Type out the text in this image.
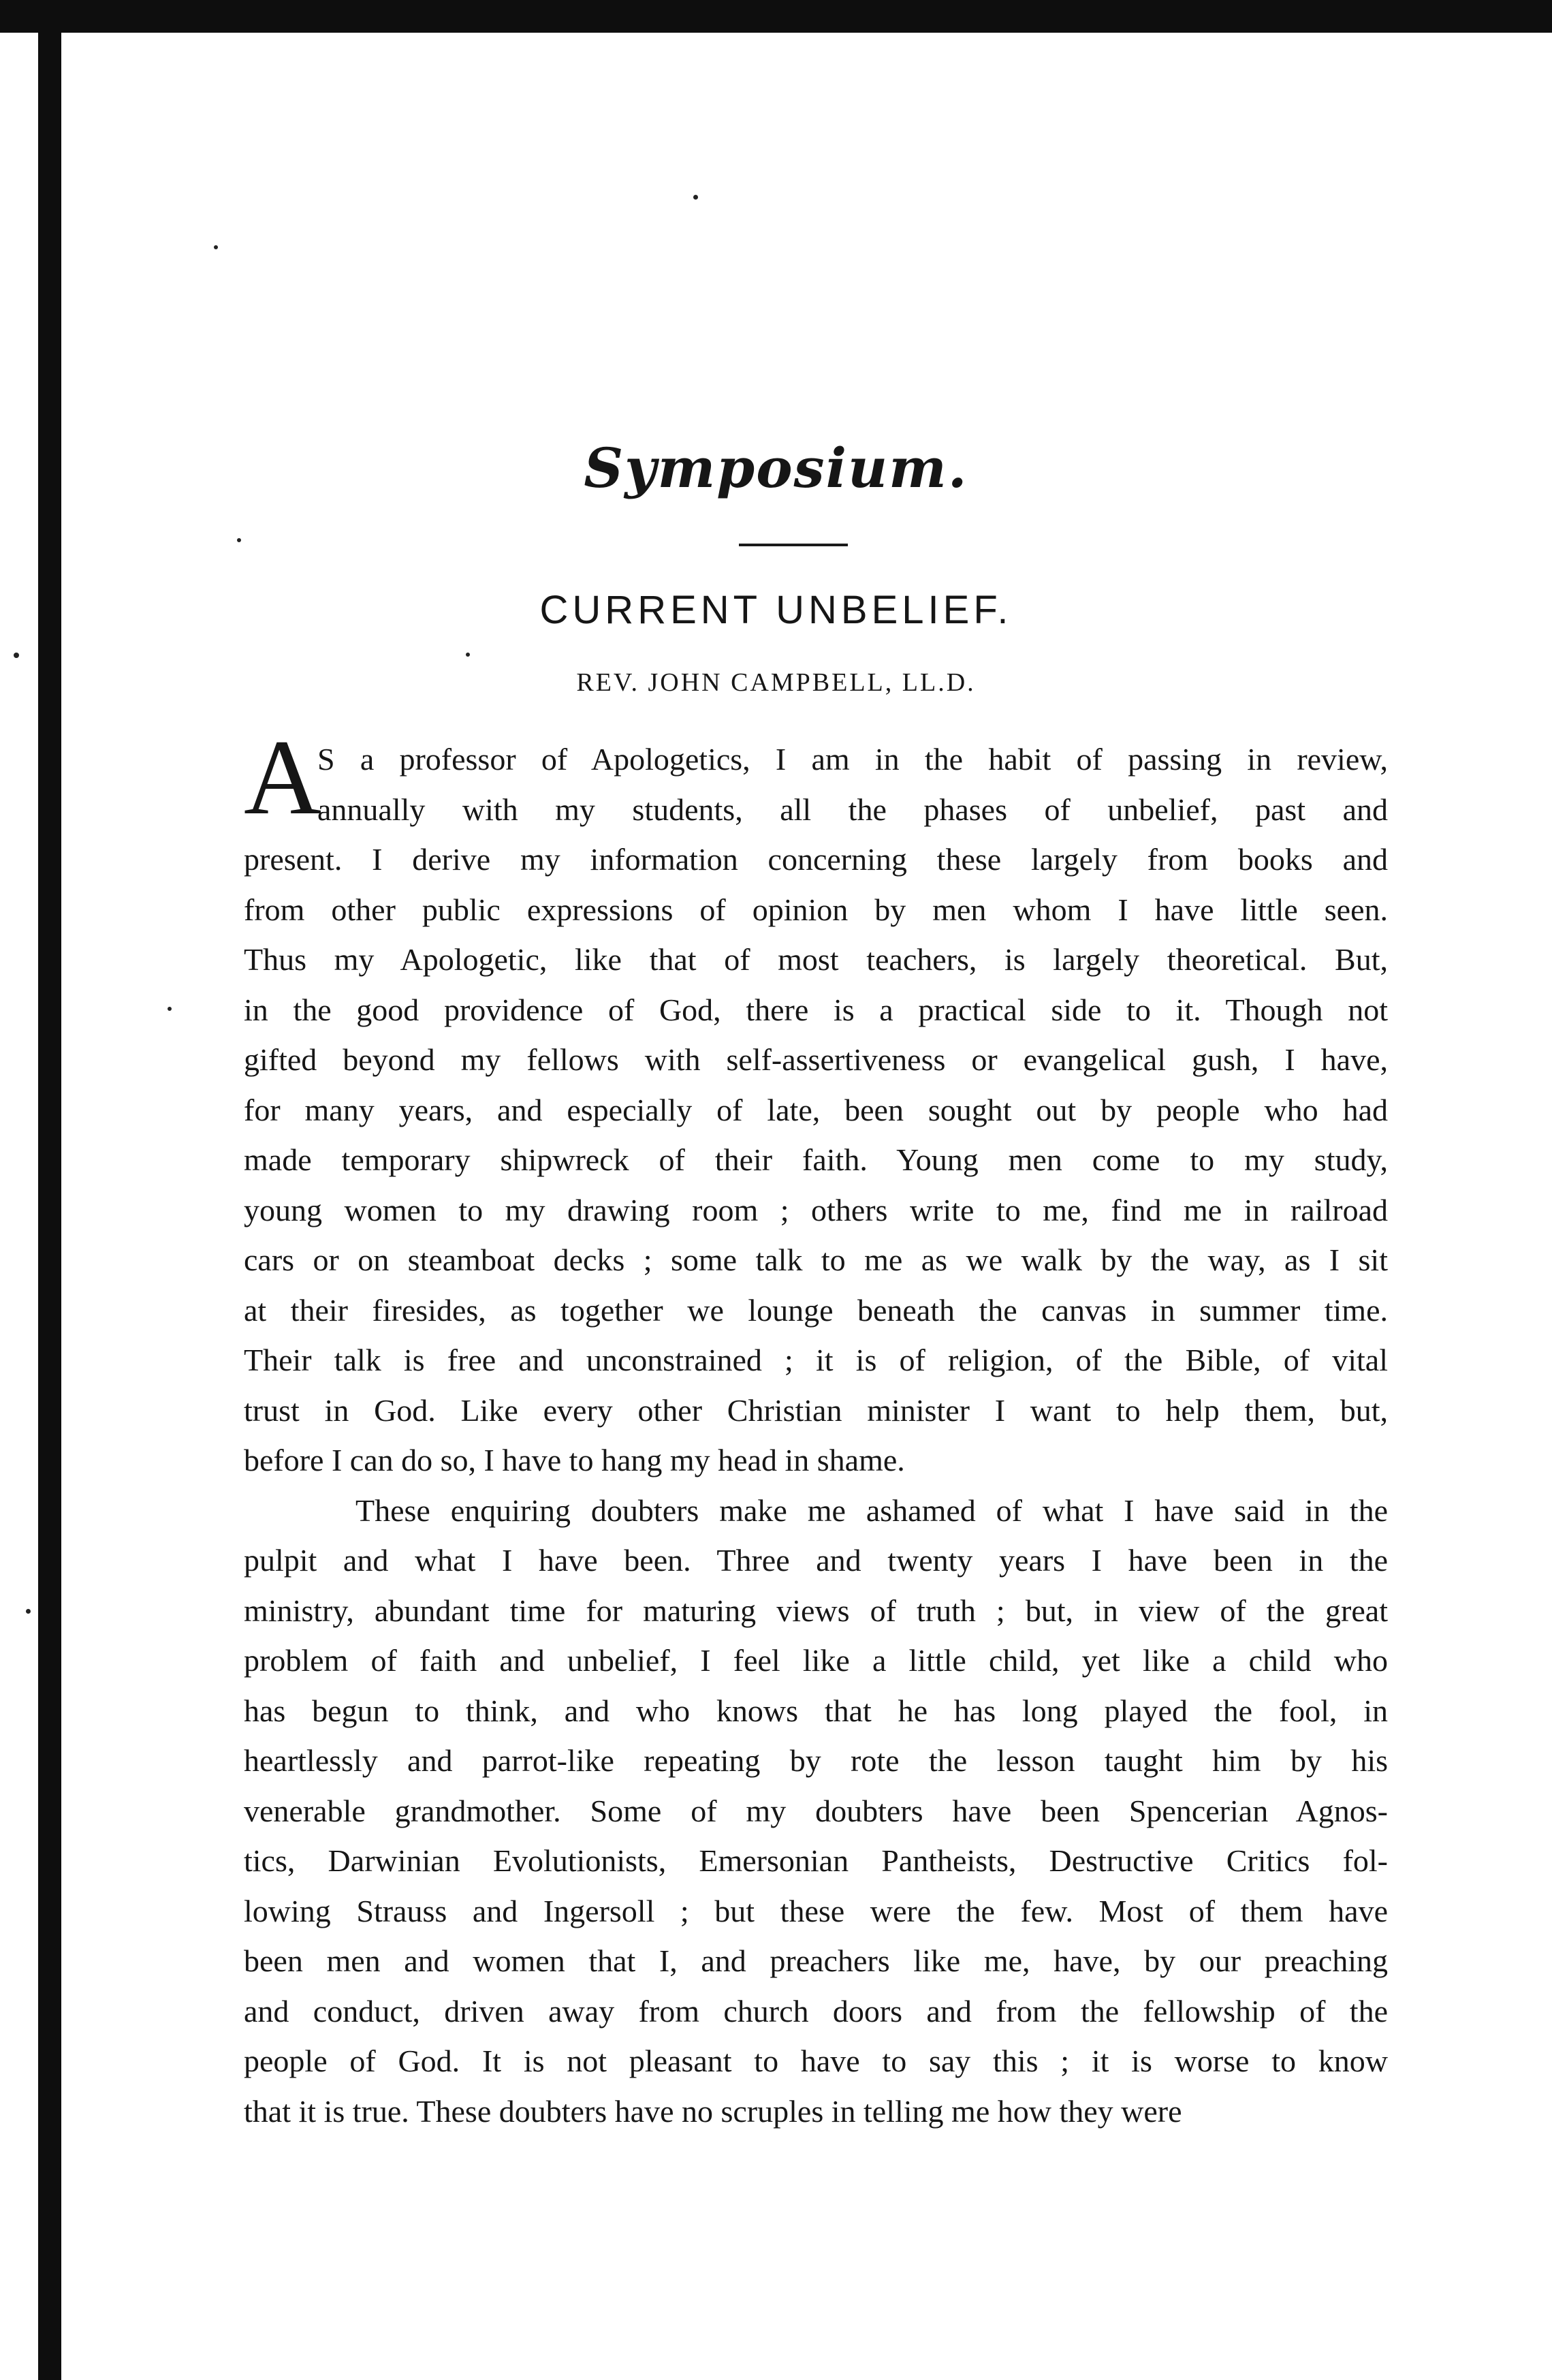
Symposium.
CURRENT UNBELIEF.
REV. JOHN CAMPBELL, LL.D.
A

S a professor of Apologetics, I am in the habit of passing in review,

annually with my students, all the phases of unbelief, past and

present. I derive my information concerning these largely from books and

from other public expressions of opinion by men whom I have little seen.

Thus my Apologetic, like that of most teachers, is largely theoretical. But,

in the good providence of God, there is a practical side to it. Though not

gifted beyond my fellows with self-assertiveness or evangelical gush, I have,

for many years, and especially of late, been sought out by people who had

made temporary shipwreck of their faith. Young men come to my study,

young women to my drawing room ; others write to me, find me in railroad

cars or on steamboat decks ; some talk to me as we walk by the way, as I sit

at their firesides, as together we lounge beneath the canvas in summer time.

Their talk is free and unconstrained ; it is of religion, of the Bible, of vital

trust in God. Like every other Christian minister I want to help them, but,

before I can do so, I have to hang my head in shame.

These enquiring doubters make me ashamed of what I have said in the

pulpit and what I have been. Three and twenty years I have been in the

ministry, abundant time for maturing views of truth ; but, in view of the great

problem of faith and unbelief, I feel like a little child, yet like a child who

has begun to think, and who knows that he has long played the fool, in

heartlessly and parrot-like repeating by rote the lesson taught him by his

venerable grandmother. Some of my doubters have been Spencerian Agnos-

tics, Darwinian Evolutionists, Emersonian Pantheists, Destructive Critics fol-

lowing Strauss and Ingersoll ; but these were the few. Most of them have

been men and women that I, and preachers like me, have, by our preaching

and conduct, driven away from church doors and from the fellowship of the

people of God. It is not pleasant to have to say this ; it is worse to know

that it is true. These doubters have no scruples in telling me how they were
